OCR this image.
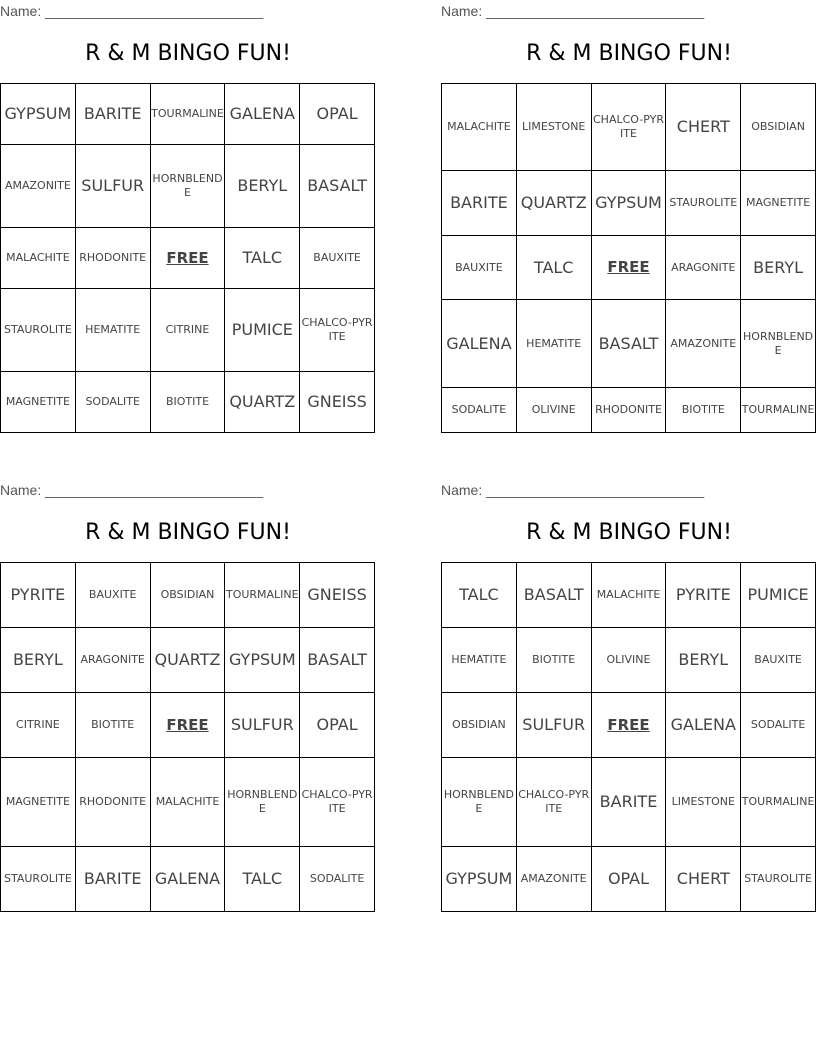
Name: ____________________________
R & M BINGO FUN!
GYPSUM	BARITE	TOURMALINE	GALENA	OPAL
AMAZONITE	SULFUR	HORNBLENDE	BERYL	BASALT
MALACHITE	RHODONITE	FREE	TALC	BAUXITE
STAUROLITE	HEMATITE	CITRINE	PUMICE	CHALCO-PYRITE
MAGNETITE	SODALITE	BIOTITE	QUARTZ	GNEISS
Name: ____________________________
R & M BINGO FUN!
MALACHITE	LIMESTONE	CHALCO-PYRITE	CHERT	OBSIDIAN
BARITE	QUARTZ	GYPSUM	STAUROLITE	MAGNETITE
BAUXITE	TALC	FREE	ARAGONITE	BERYL
GALENA	HEMATITE	BASALT	AMAZONITE	HORNBLENDE
SODALITE	OLIVINE	RHODONITE	BIOTITE	TOURMALINE
Name: ____________________________
R & M BINGO FUN!
PYRITE	BAUXITE	OBSIDIAN	TOURMALINE	GNEISS
BERYL	ARAGONITE	QUARTZ	GYPSUM	BASALT
CITRINE	BIOTITE	FREE	SULFUR	OPAL
MAGNETITE	RHODONITE	MALACHITE	HORNBLENDE	CHALCO-PYRITE
STAUROLITE	BARITE	GALENA	TALC	SODALITE
Name: ____________________________
R & M BINGO FUN!
TALC	BASALT	MALACHITE	PYRITE	PUMICE
HEMATITE	BIOTITE	OLIVINE	BERYL	BAUXITE
OBSIDIAN	SULFUR	FREE	GALENA	SODALITE
HORNBLENDE	CHALCO-PYRITE	BARITE	LIMESTONE	TOURMALINE
GYPSUM	AMAZONITE	OPAL	CHERT	STAUROLITE
